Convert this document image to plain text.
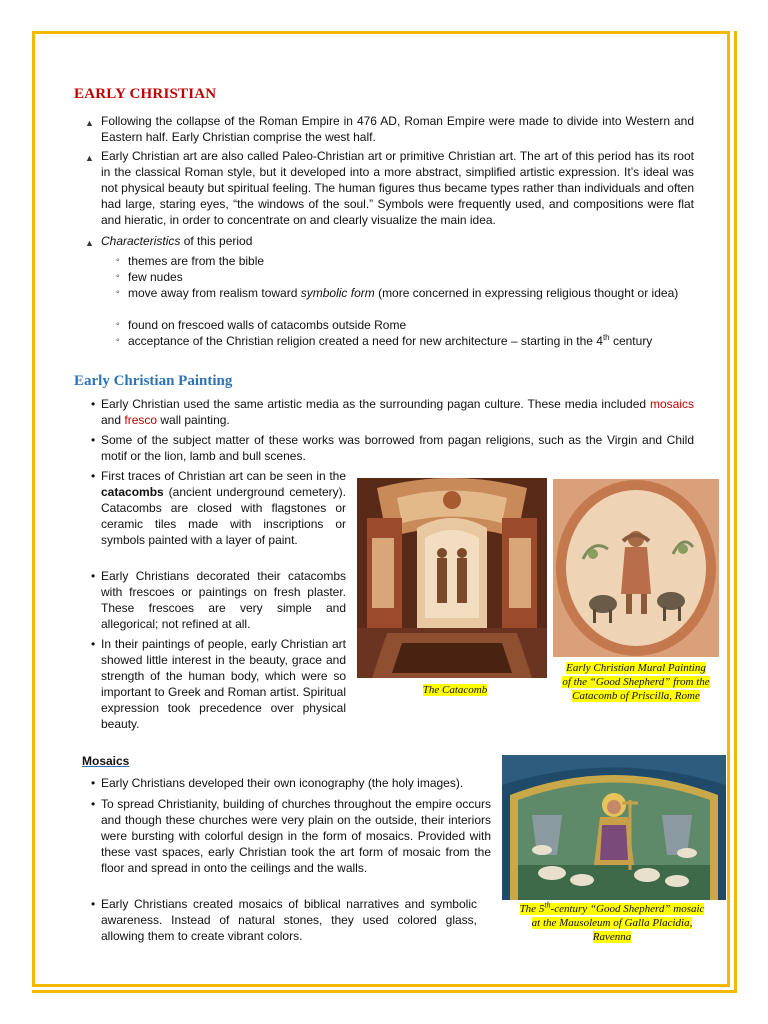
EARLY CHRISTIAN
▲ Following the collapse of the Roman Empire in 476 AD, Roman Empire were made to divide into Western and Eastern half. Early Christian comprise the west half.

▲ Early Christian art are also called Paleo-Christian art or primitive Christian art. The art of this period has its root in the classical Roman style, but it developed into a more abstract, simplified artistic expression. It’s ideal was not physical beauty but spiritual feeling. The human figures thus became types rather than individuals and often had large, staring eyes, “the windows of the soul.” Symbols were frequently used, and compositions were flat and hieratic, in order to concentrate on and clearly visualize the main idea.

▲ Characteristics of this period

◦ themes are from the bible
◦ few nudes
◦ move away from realism toward symbolic form (more concerned in expressing religious thought or idea)
◦ found on frescoed walls of catacombs outside Rome
◦ acceptance of the Christian religion created a need for new architecture – starting in the 4th century
Early Christian Painting
• Early Christian used the same artistic media as the surrounding pagan culture. These media included mosaics and fresco wall painting.

• Some of the subject matter of these works was borrowed from pagan religions, such as the Virgin and Child motif or the lion, lamb and bull scenes.

• First traces of Christian art can be seen in the catacombs (ancient underground cemetery). Catacombs are closed with flagstones or ceramic tiles made with inscriptions or symbols painted with a layer of paint.

• Early Christians decorated their catacombs with frescoes or paintings on fresh plaster. These frescoes are very simple and allegorical; not refined at all.

• In their paintings of people, early Christian art showed little interest in the beauty, grace and strength of the human body, which were so important to Greek and Roman artist. Spiritual expression took precedence over physical beauty.

The Catacomb
Early Christian Mural Painting
of the “Good Shepherd” from the
Catacomb of Priscilla, Rome
Mosaics
• Early Christians developed their own iconography (the holy images).

• To spread Christianity, building of churches throughout the empire occurs and though these churches were very plain on the outside, their interiors were bursting with colorful design in the form of mosaics. Provided with these vast spaces, early Christian took the art form of mosaic from the floor and spread in onto the ceilings and the walls.

• Early Christians created mosaics of biblical narratives and symbolic awareness. Instead of natural stones, they used colored glass, allowing them to create vibrant colors.

The 5th-century “Good Shepherd” mosaic
at the Mausoleum of Galla Placidia,
Ravenna
